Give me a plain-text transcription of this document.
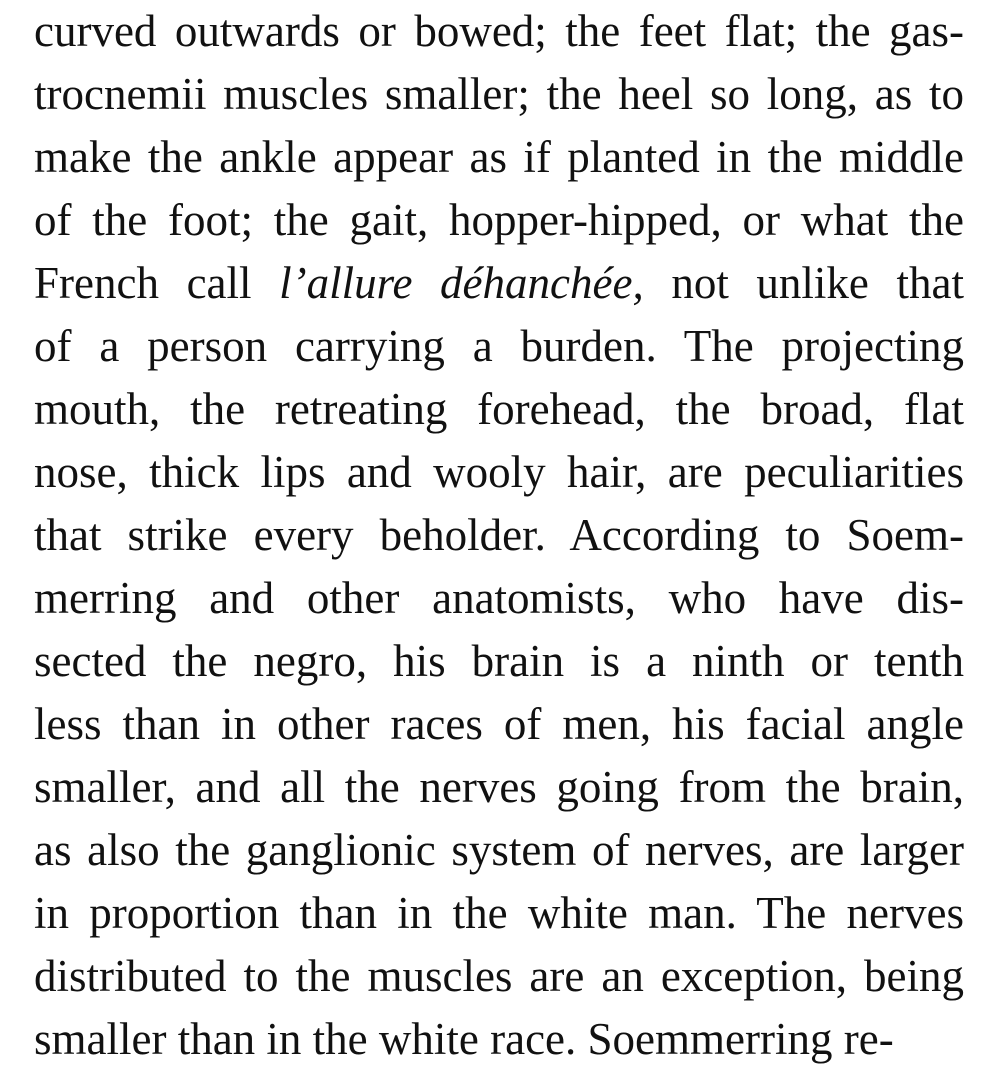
curved outwards or bowed; the feet flat; the gas-
trocnemii muscles smaller; the heel so long, as to
make the ankle appear as if planted in the middle
of the foot; the gait, hopper-hipped, or what the
French call l’allure déhanchée, not unlike that
of a person carrying a burden. The projecting
mouth, the retreating forehead, the broad, flat
nose, thick lips and wooly hair, are peculiarities
that strike every beholder. According to Soem-
merring and other anatomists, who have dis-
sected the negro, his brain is a ninth or tenth
less than in other races of men, his facial angle
smaller, and all the nerves going from the brain,
as also the ganglionic system of nerves, are larger
in proportion than in the white man. The nerves
distributed to the muscles are an exception, being
smaller than in the white race. Soemmerring re-
